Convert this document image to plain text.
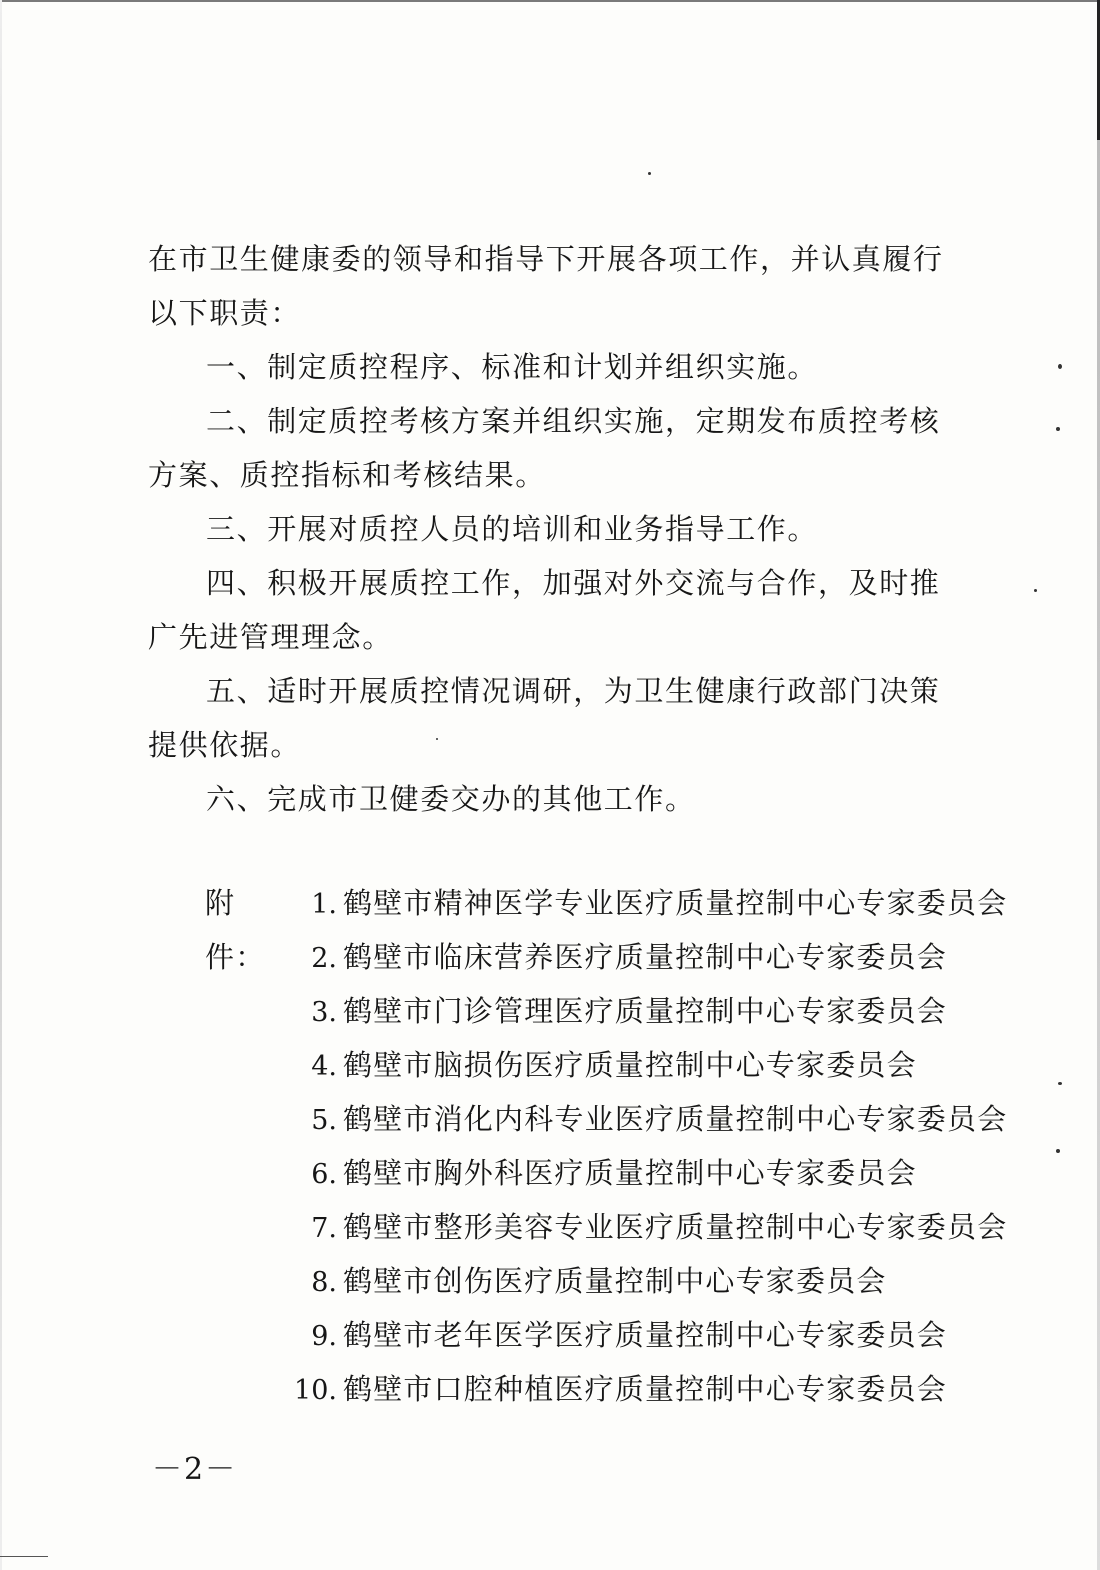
在市卫生健康委的领导和指导下开展各项工作，并认真履行以下职责：

一、制定质控程序、标准和计划并组织实施。

二、制定质控考核方案并组织实施，定期发布质控考核方案、质控指标和考核结果。

三、开展对质控人员的培训和业务指导工作。

四、积极开展质控工作，加强对外交流与合作，及时推广先进管理理念。

五、适时开展质控情况调研，为卫生健康行政部门决策提供依据。

六、完成市卫健委交办的其他工作。

附件：
1. 鹤壁市精神医学专业医疗质量控制中心专家委员会
2. 鹤壁市临床营养医疗质量控制中心专家委员会
3. 鹤壁市门诊管理医疗质量控制中心专家委员会
4. 鹤壁市脑损伤医疗质量控制中心专家委员会
5. 鹤壁市消化内科专业医疗质量控制中心专家委员会
6. 鹤壁市胸外科医疗质量控制中心专家委员会
7. 鹤壁市整形美容专业医疗质量控制中心专家委员会
8. 鹤壁市创伤医疗质量控制中心专家委员会
9. 鹤壁市老年医学医疗质量控制中心专家委员会
10. 鹤壁市口腔种植医疗质量控制中心专家委员会
－2－
